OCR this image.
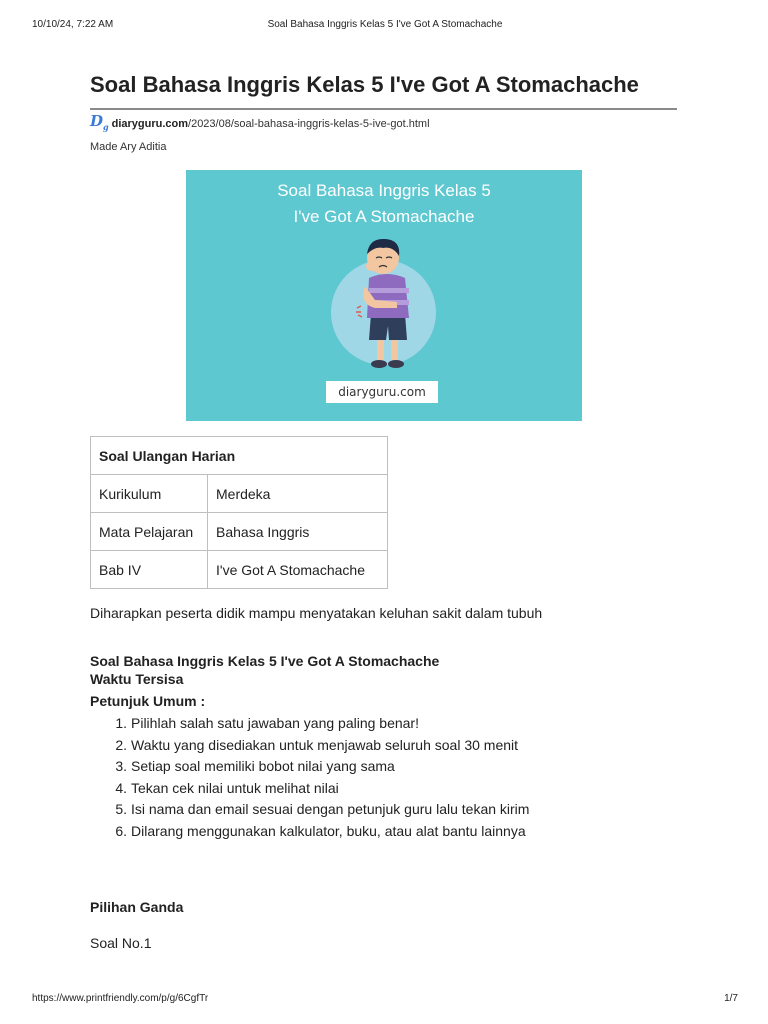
10/10/24, 7:22 AM	Soal Bahasa Inggris Kelas 5 I've Got A Stomachache
Soal Bahasa Inggris Kelas 5 I've Got A Stomachache
$D_g$ diaryguru.com /2023/08/soal-bahasa-inggris-kelas-5-ive-got.html
Made Ary Aditia
Soal Bahasa Inggris Kelas 5
I've Got A Stomachache
diaryguru.com
Soal Ulangan Harian	
Kurikulum	Merdeka
Mata Pelajaran	Bahasa Inggris
Bab IV	I've Got A Stomachache
Diharapkan peserta didik mampu menyatakan keluhan sakit dalam tubuh
Soal Bahasa Inggris Kelas 5 I've Got A Stomachache
Waktu Tersisa
Petunjuk Umum :
1. Pilihlah salah satu jawaban yang paling benar!
2. Waktu yang disediakan untuk menjawab seluruh soal 30 menit
3. Setiap soal memiliki bobot nilai yang sama
4. Tekan cek nilai untuk melihat nilai
5. Isi nama dan email sesuai dengan petunjuk guru lalu tekan kirim
6. Dilarang menggunakan kalkulator, buku, atau alat bantu lainnya
Pilihan Ganda
Soal No.1
https://www.printfriendly.com/p/g/6CgfTr	1/7
